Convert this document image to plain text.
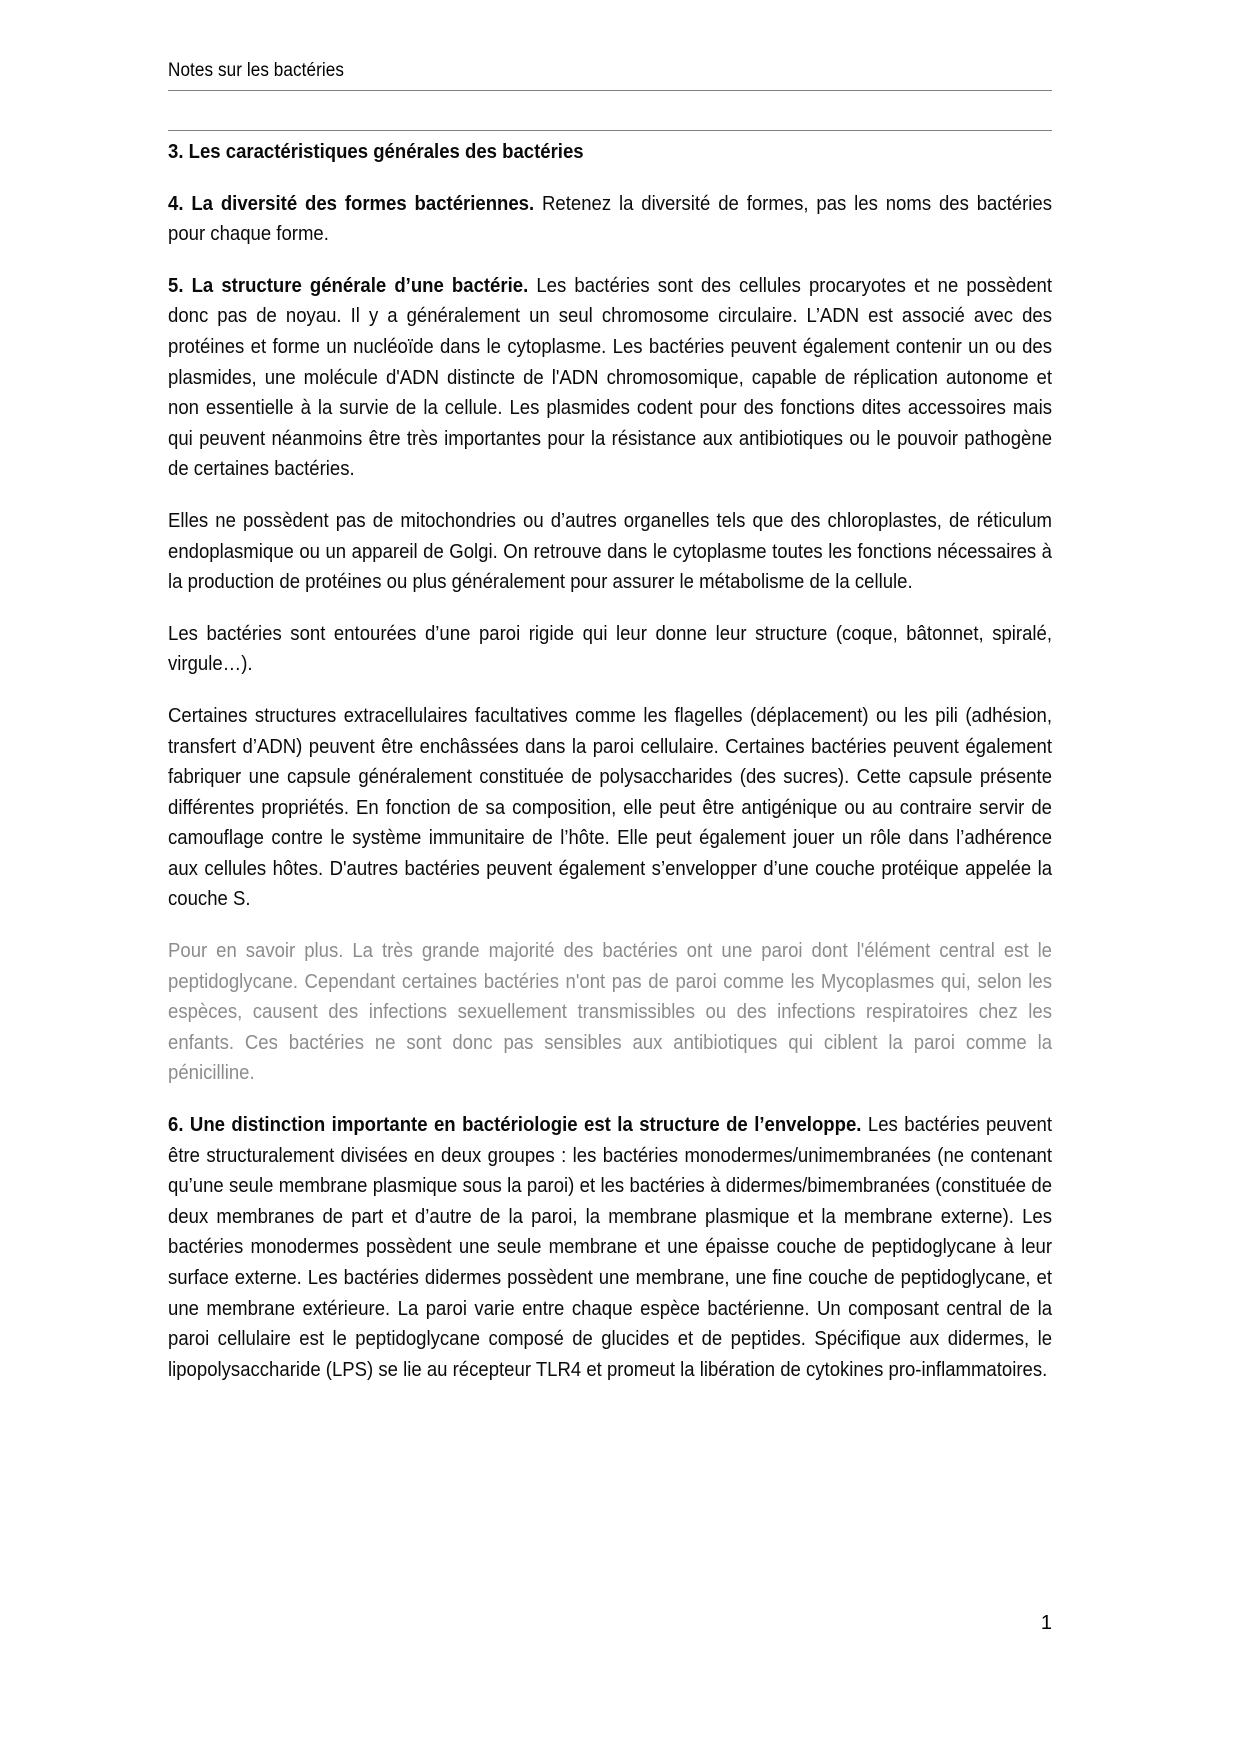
Notes sur les bactéries

3. Les caractéristiques générales des bactéries

4. La diversité des formes bactériennes. Retenez la diversité de formes, pas les noms des bactéries pour chaque forme.

5. La structure générale d’une bactérie. Les bactéries sont des cellules procaryotes et ne possèdent donc pas de noyau. Il y a généralement un seul chromosome circulaire. L’ADN est associé avec des protéines et forme un nucléoïde dans le cytoplasme. Les bactéries peuvent également contenir un ou des plasmides, une molécule d'ADN distincte de l'ADN chromosomique, capable de réplication autonome et non essentielle à la survie de la cellule. Les plasmides codent pour des fonctions dites accessoires mais qui peuvent néanmoins être très importantes pour la résistance aux antibiotiques ou le pouvoir pathogène de certaines bactéries.

Elles ne possèdent pas de mitochondries ou d’autres organelles tels que des chloroplastes, de réticulum endoplasmique ou un appareil de Golgi. On retrouve dans le cytoplasme toutes les fonctions nécessaires à la production de protéines ou plus généralement pour assurer le métabolisme de la cellule.

Les bactéries sont entourées d’une paroi rigide qui leur donne leur structure (coque, bâtonnet, spiralé, virgule…).

Certaines structures extracellulaires facultatives comme les flagelles (déplacement) ou les pili (adhésion, transfert d’ADN) peuvent être enchâssées dans la paroi cellulaire. Certaines bactéries peuvent également fabriquer une capsule généralement constituée de polysaccharides (des sucres). Cette capsule présente différentes propriétés. En fonction de sa composition, elle peut être antigénique ou au contraire servir de camouflage contre le système immunitaire de l’hôte. Elle peut également jouer un rôle dans l’adhérence aux cellules hôtes. D'autres bactéries peuvent également s’envelopper d’une couche protéique appelée la couche S.

Pour en savoir plus. La très grande majorité des bactéries ont une paroi dont l'élément central est le peptidoglycane. Cependant certaines bactéries n'ont pas de paroi comme les Mycoplasmes qui, selon les espèces, causent des infections sexuellement transmissibles ou des infections respiratoires chez les enfants. Ces bactéries ne sont donc pas sensibles aux antibiotiques qui ciblent la paroi comme la pénicilline.

6. Une distinction importante en bactériologie est la structure de l’enveloppe. Les bactéries peuvent être structuralement divisées en deux groupes : les bactéries monodermes/unimembranées (ne contenant qu’une seule membrane plasmique sous la paroi) et les bactéries à didermes/bimembranées (constituée de deux membranes de part et d’autre de la paroi, la membrane plasmique et la membrane externe). Les bactéries monodermes possèdent une seule membrane et une épaisse couche de peptidoglycane à leur surface externe. Les bactéries didermes possèdent une membrane, une fine couche de peptidoglycane, et une membrane extérieure. La paroi varie entre chaque espèce bactérienne. Un composant central de la paroi cellulaire est le peptidoglycane composé de glucides et de peptides. Spécifique aux didermes, le lipopolysaccharide (LPS) se lie au récepteur TLR4 et promeut la libération de cytokines pro-inflammatoires.

1
